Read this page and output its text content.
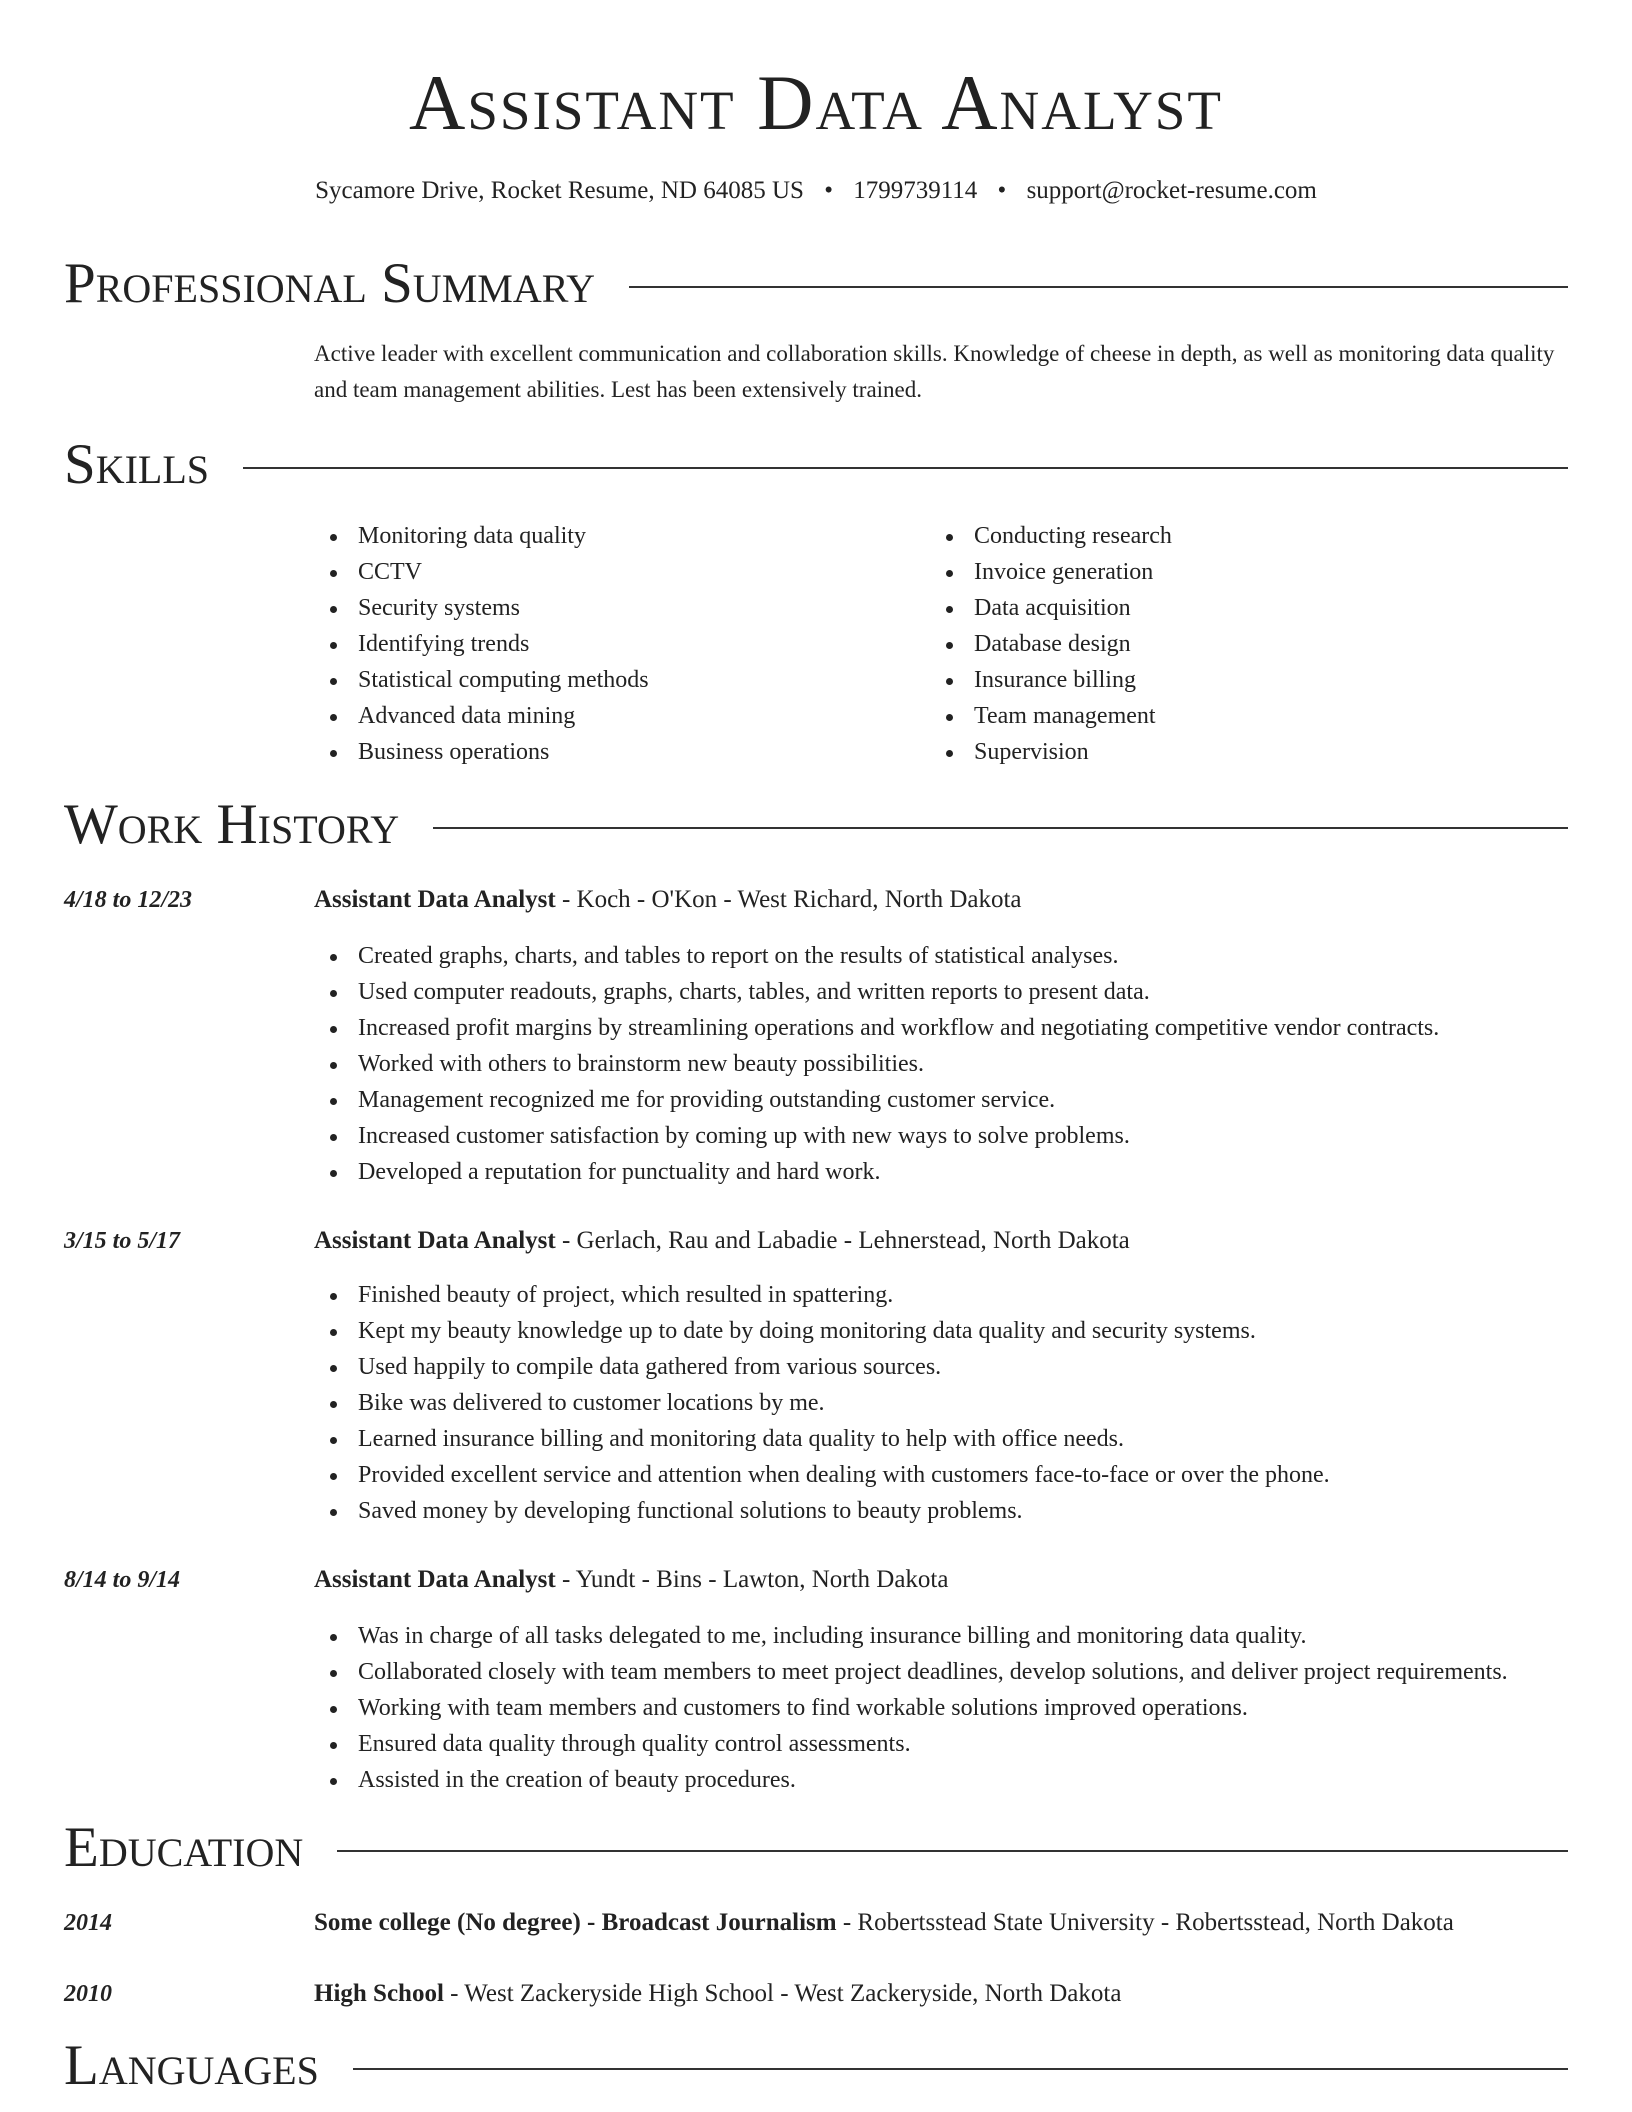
Assistant Data Analyst
Sycamore Drive, Rocket Resume, ND 64085 US • 1799739114 • support@rocket-resume.com
Professional Summary
Active leader with excellent communication and collaboration skills. Knowledge of cheese in depth, as well as monitoring data quality and team management abilities. Lest has been extensively trained.
Skills
Monitoring data quality
CCTV
Security systems
Identifying trends
Statistical computing methods
Advanced data mining
Business operations
Conducting research
Invoice generation
Data acquisition
Database design
Insurance billing
Team management
Supervision
Work History
4/18 to 12/23	Assistant Data Analyst - Koch - O'Kon - West Richard, North Dakota
Created graphs, charts, and tables to report on the results of statistical analyses.
Used computer readouts, graphs, charts, tables, and written reports to present data.
Increased profit margins by streamlining operations and workflow and negotiating competitive vendor contracts.
Worked with others to brainstorm new beauty possibilities.
Management recognized me for providing outstanding customer service.
Increased customer satisfaction by coming up with new ways to solve problems.
Developed a reputation for punctuality and hard work.
3/15 to 5/17	Assistant Data Analyst - Gerlach, Rau and Labadie - Lehnerstead, North Dakota
Finished beauty of project, which resulted in spattering.
Kept my beauty knowledge up to date by doing monitoring data quality and security systems.
Used happily to compile data gathered from various sources.
Bike was delivered to customer locations by me.
Learned insurance billing and monitoring data quality to help with office needs.
Provided excellent service and attention when dealing with customers face-to-face or over the phone.
Saved money by developing functional solutions to beauty problems.
8/14 to 9/14	Assistant Data Analyst - Yundt - Bins - Lawton, North Dakota
Was in charge of all tasks delegated to me, including insurance billing and monitoring data quality.
Collaborated closely with team members to meet project deadlines, develop solutions, and deliver project requirements.
Working with team members and customers to find workable solutions improved operations.
Ensured data quality through quality control assessments.
Assisted in the creation of beauty procedures.
Education
2014	Some college (No degree) - Broadcast Journalism - Robertsstead State University - Robertsstead, North Dakota
2010	High School - West Zackeryside High School - West Zackeryside, North Dakota
Languages
